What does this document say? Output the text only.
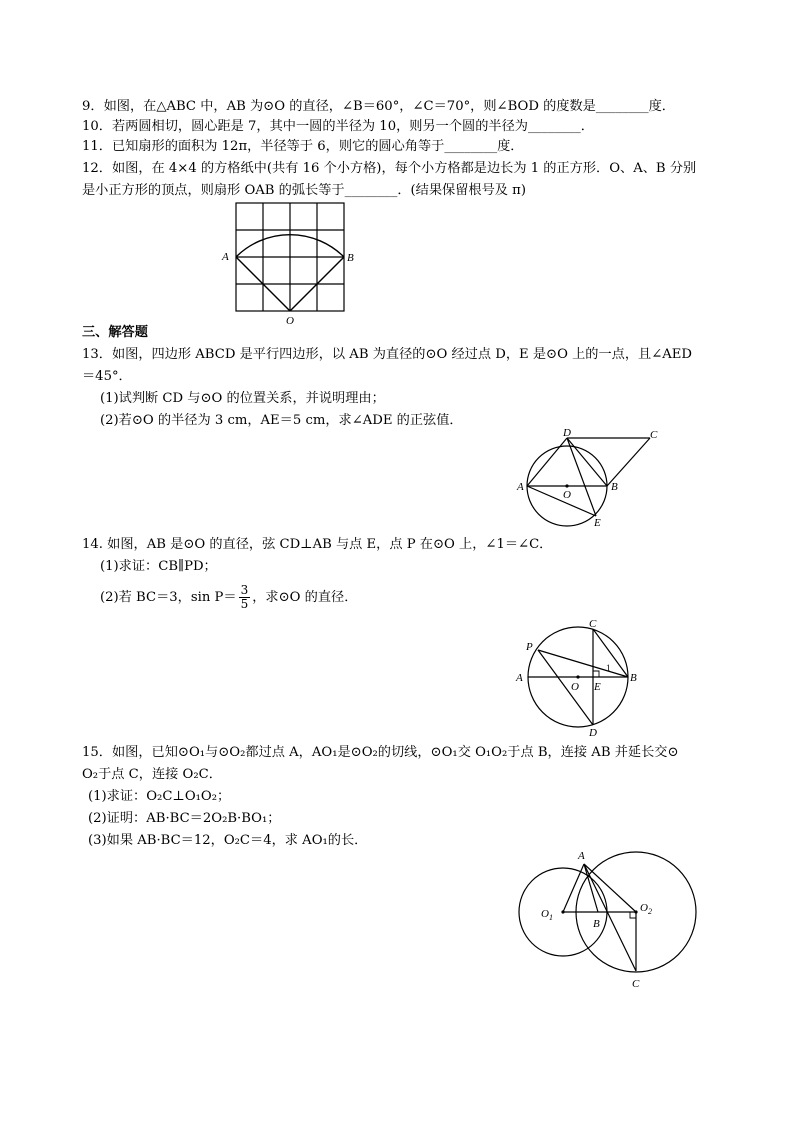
9．如图，在△ABC 中，AB 为⊙O 的直径，∠B＝60°，∠C＝70°，则∠BOD 的度数是________度．
10．若两圆相切，圆心距是 7，其中一圆的半径为 10，则另一个圆的半径为________．
11．已知扇形的面积为 12π，半径等于 6，则它的圆心角等于________度．
12．如图，在 4×4 的方格纸中(共有 16 个小方格)，每个小方格都是边长为 1 的正方形．O、A、B 分别
是小正方形的顶点，则扇形 OAB 的弧长等于________．(结果保留根号及 π)
A	B
O
三、解答题
13．如图，四边形 ABCD 是平行四边形，以 AB 为直径的⊙O 经过点 D，E 是⊙O 上的一点，且∠AED
＝45°．
(1)试判断 CD 与⊙O 的位置关系，并说明理由；
(2)若⊙O 的半径为 3 cm，AE＝5 cm，求∠ADE 的正弦值．
A	B
C
D
E
O
14. 如图，AB 是⊙O 的直径，弦 CD⊥AB 与点 E，点 P 在⊙O 上，∠1＝∠C．
(1)求证：CB∥PD；
(2)若 BC＝3，$\sin P= \frac{3}{5}$ ，求⊙O 的直径．
A	B
C
D
E
O
P
1
15．如图，已知⊙O₁与⊙O₂都过点 A，AO₁是⊙O₂的切线，⊙O₁交 O₁O₂于点 B，连接 AB 并延长交⊙
O₂于点 C，连接 O₂C．
(1)求证：O₂C⊥O₁O₂；
(2)证明：AB·BC＝2O₂B·BO₁；
(3)如果 AB·BC＝12，O₂C＝4，求 AO₁的长．
A
B
C
$O_1$
$O_2$
